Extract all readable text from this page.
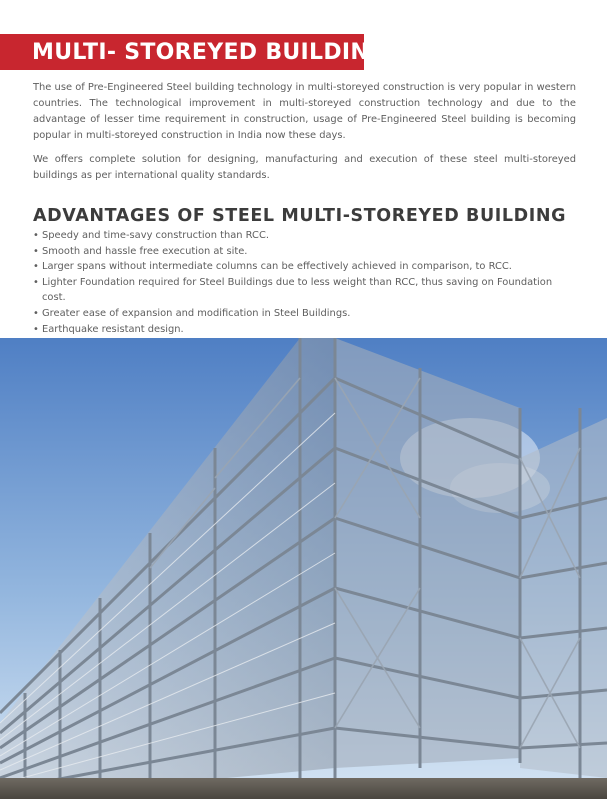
MULTI- STOREYED BUILDING

The use of Pre-Engineered Steel building technology in multi-storeyed construction is very popular in western countries. The technological improvement in multi-storeyed construction technology and due to the advantage of lesser time requirement in construction, usage of Pre-Engineered Steel building is becoming popular in multi-storeyed construction in India now these days.

We offers complete solution for designing, manufacturing and execution of these steel multi-storeyed buildings as per international quality standards.

ADVANTAGES OF STEEL MULTI-STOREYED BUILDING
• Speedy and time-savy construction than RCC.
• Smooth and hassle free execution at site.
• Larger spans without intermediate columns can be effectively achieved in comparison, to RCC.
• Lighter Foundation required for Steel Buildings due to less weight than RCC, thus saving on Foundation cost.
• Greater ease of expansion and modification in Steel Buildings.
• Earthquake resistant design.
